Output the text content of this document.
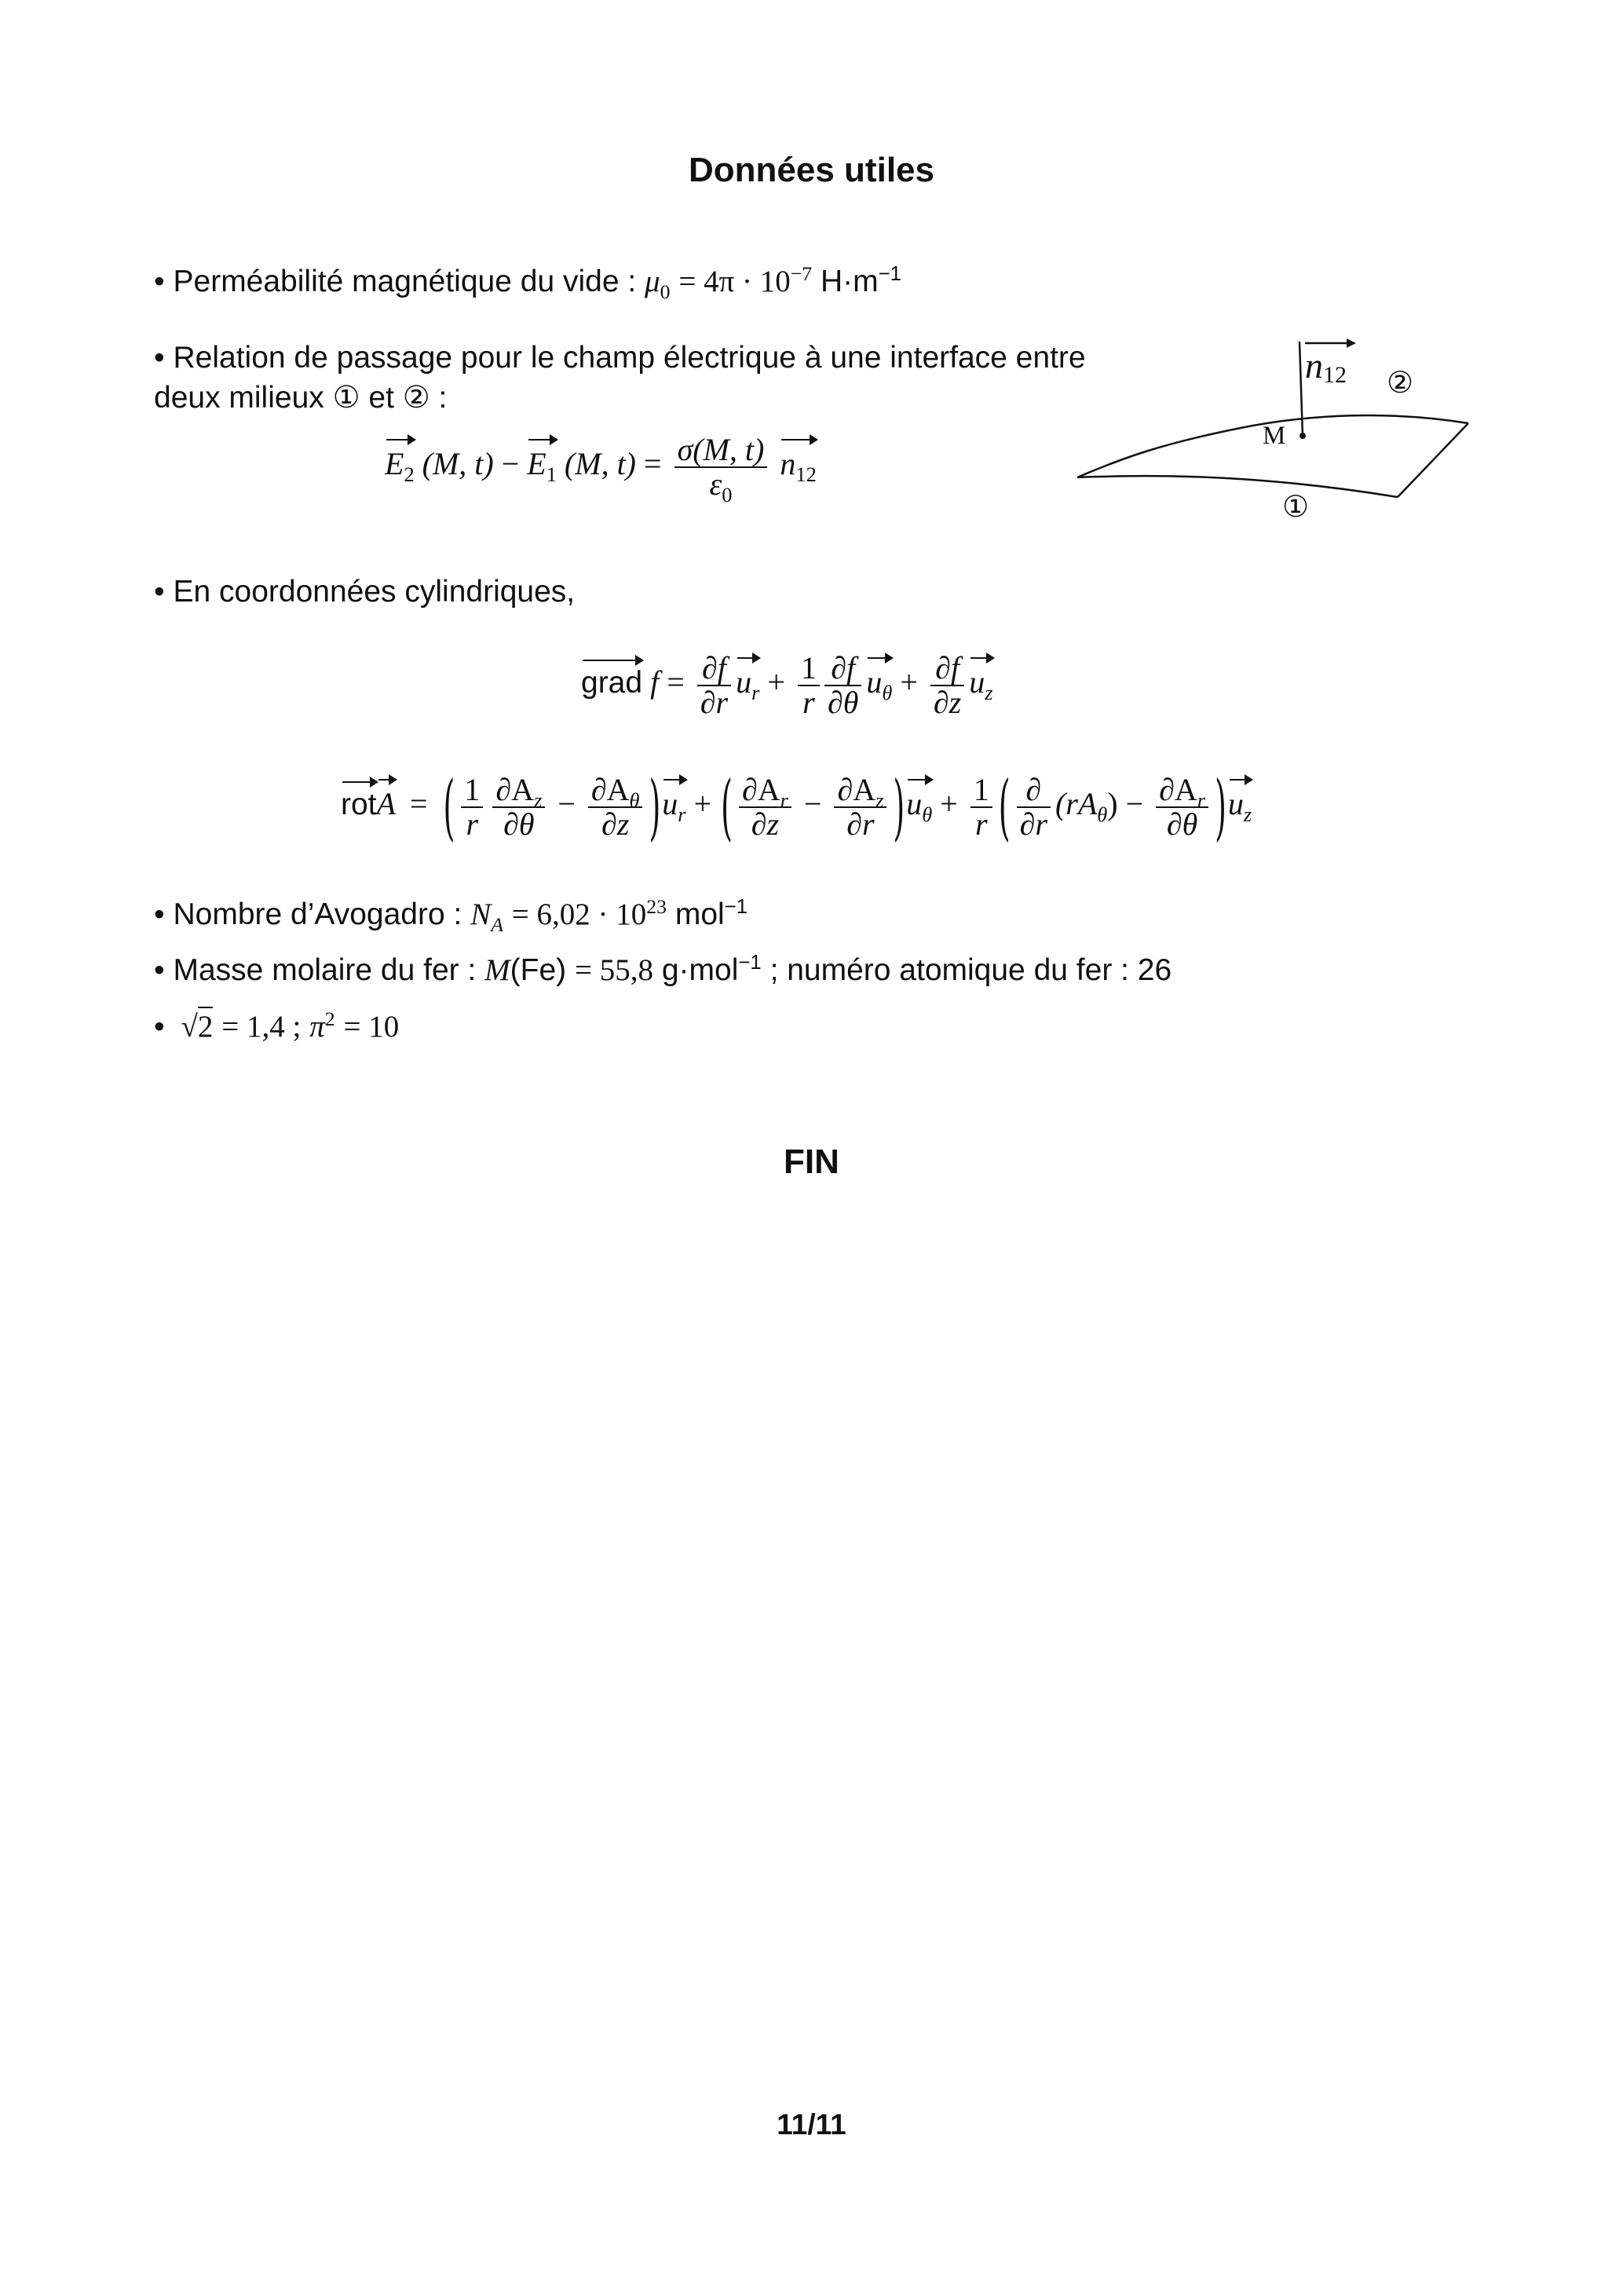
Données utiles
• Perméabilité magnétique du vide : $\mu_0 = 4\pi \cdot 10^{-7}$ $H\cdot m^{-1}$
• Relation de passage pour le champ électrique à une interface entre
deux milieux ① et ② :
$E_2$ (M, $t) - E_1$ (M, $t) = \frac{\sigma(M, t)}{\varepsilon_0} n_{12}$
n12
M
②
①
• En coordonnées cylindriques,
grad $f = \frac{\partial f}{\partial r} u_r + \frac{1}{r} \frac{\partial f}{\partial\theta} u_\theta + \frac{\partial f}{\partial z} u_z$
rotA = ( $\frac{1}{r} \frac{\partial A_z}{\partial\theta} - \frac{\partial A_\theta}{\partial z} )u_r$ + ( $\frac{\partial A_r}{\partial z} - \frac{\partial A_z}{\partial r} )u_\theta + \frac{1}{r}$ ( $\frac{\partial}{\partial r} (rA_\theta) - \frac{\partial A_r}{\partial\theta} )u_z$
• Nombre d’Avogadro : $N_A = 6,02 \cdot 10^{23}$ mol$^{-1}$
• Masse molaire du fer : M(Fe) = 55,8 g·mol$^{-1}$ ; numéro atomique du fer : 26
• √2 = 1,4 ; $\pi^2 = 10$
FIN
11/11
